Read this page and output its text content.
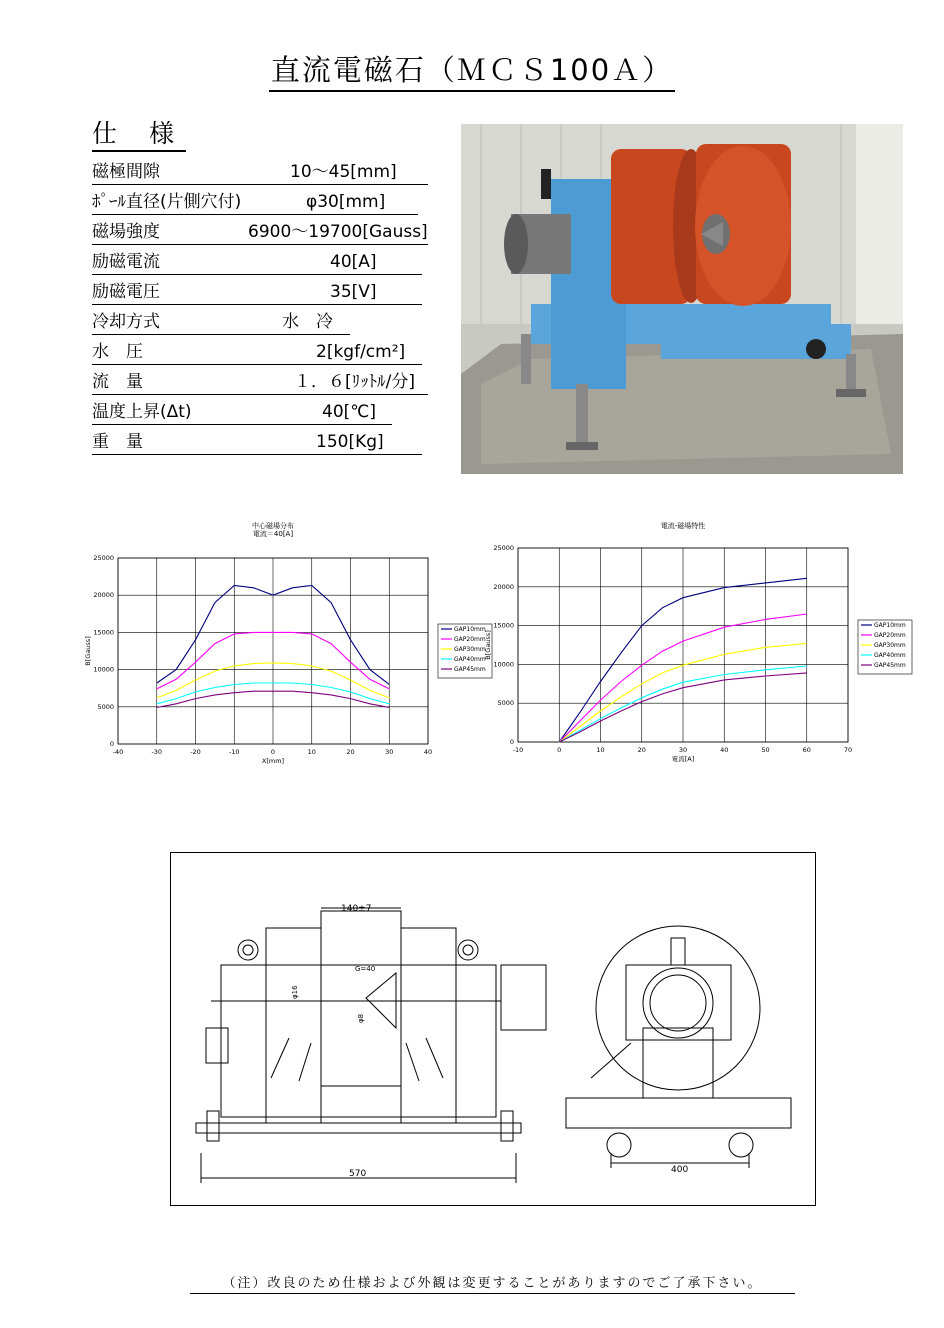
直流電磁石（ＭＣＳ100Ａ）
仕 様
磁極間隙	10〜45[mm]
ﾎﾟｰﾙ直径(片側穴付)	φ30[mm]
磁場強度	6900〜19700[Gauss]
励磁電流	40[A]
励磁電圧	35[V]
冷却方式	水　冷
水　圧	2[kgf/cm²]
流　量	１．６[ﾘｯﾄﾙ/分]
温度上昇(Δt)	40[℃]
重　量	150[Kg]
中心磁場分布
電流＝40[A]
0
5000
10000
15000
20000
25000
-40	-30	-20	-10	0	10	20	30	40
X[mm]
B[Gauss]
GAP10mm
GAP20mm
GAP30mm
GAP40mm
GAP45mm
電流-磁場特性
0
5000
10000
15000
20000
25000
-10	0	10	20	30	40	50	60	70
電流[A]
B[Gauss]
GAP10mm
GAP20mm
GAP30mm
GAP40mm
GAP45mm
140±7
φ16
G=40
φ8
570	400
（注）改良のため仕様および外観は変更することがありますのでご了承下さい。
